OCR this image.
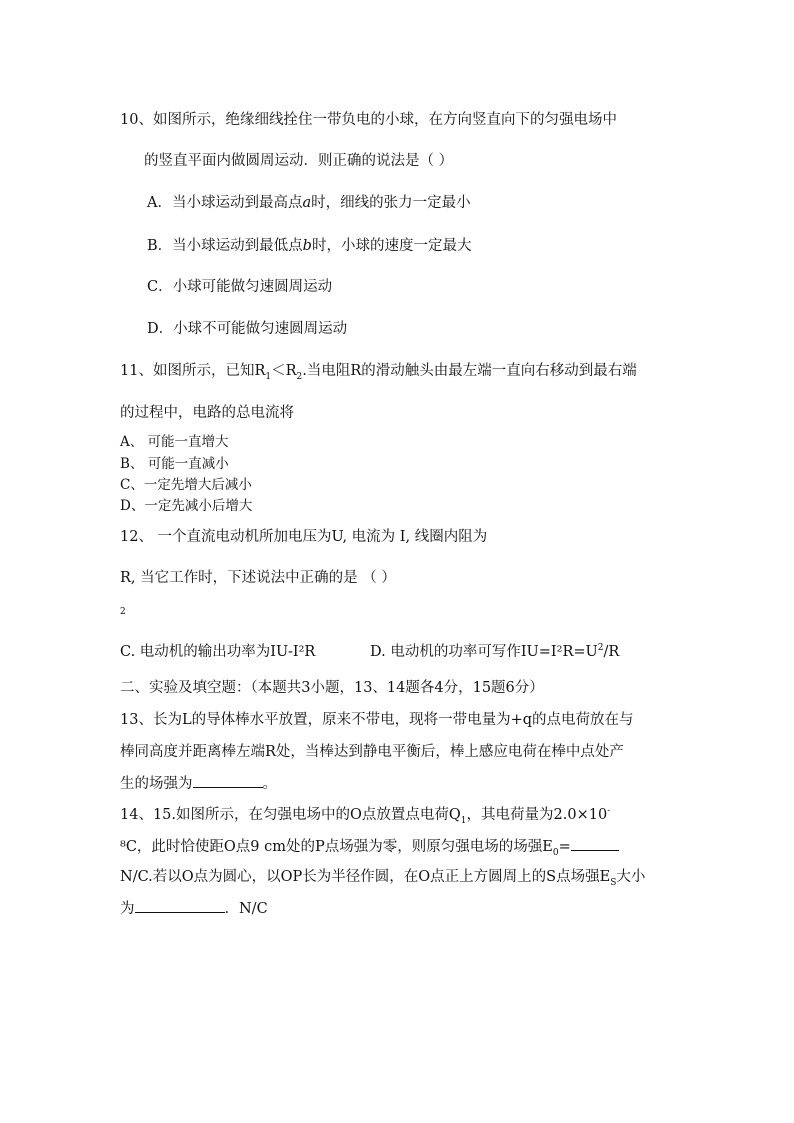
10、如图所示，绝缘细线拴住一带负电的小球，在方向竖直向下的匀强电场中
的竖直平面内做圆周运动．则正确的说法是（ ）
A．当小球运动到最高点a时，细线的张力一定最小
B．当小球运动到最低点b时，小球的速度一定最大
C．小球可能做匀速圆周运动
D．小球不可能做匀速圆周运动
11、如图所示，已知$R_1<R_2$.当电阻R的滑动触头由最左端一直向右移动到最右端
的过程中，电路的总电流将
A、 可能一直增大
B、 可能一直减小
C、一定先增大后减小
D、一定先减小后增大
12、 一个直流电动机所加电压为U, 电流为 I, 线圈内阻为
R, 当它工作时，下述说法中正确的是 （ ）
2
C. 电动机的输出功率为IU-I²R	D. 电动机的功率可写作$IU=I^2R=U^2/R$
二、实验及填空题：（本题共3小题，13、14题各4分，15题6分）
13、长为L的导体棒水平放置，原来不带电，现将一带电量为+q的点电荷放在与
棒同高度并距离棒左端R处，当棒达到静电平衡后，棒上感应电荷在棒中点处产
生的场强为	。
14、15.如图所示，在匀强电场中的O点放置点电荷$Q_1$，其电荷量为2.0×10-
⁸C，此时恰使距O点9 cm处的P点场强为零，则原匀强电场的场强$E_0=$
N/C.若以O点为圆心，以OP长为半径作圆，在O点正上方圆周上的S点场强$E_S$大小
为	．N/C
